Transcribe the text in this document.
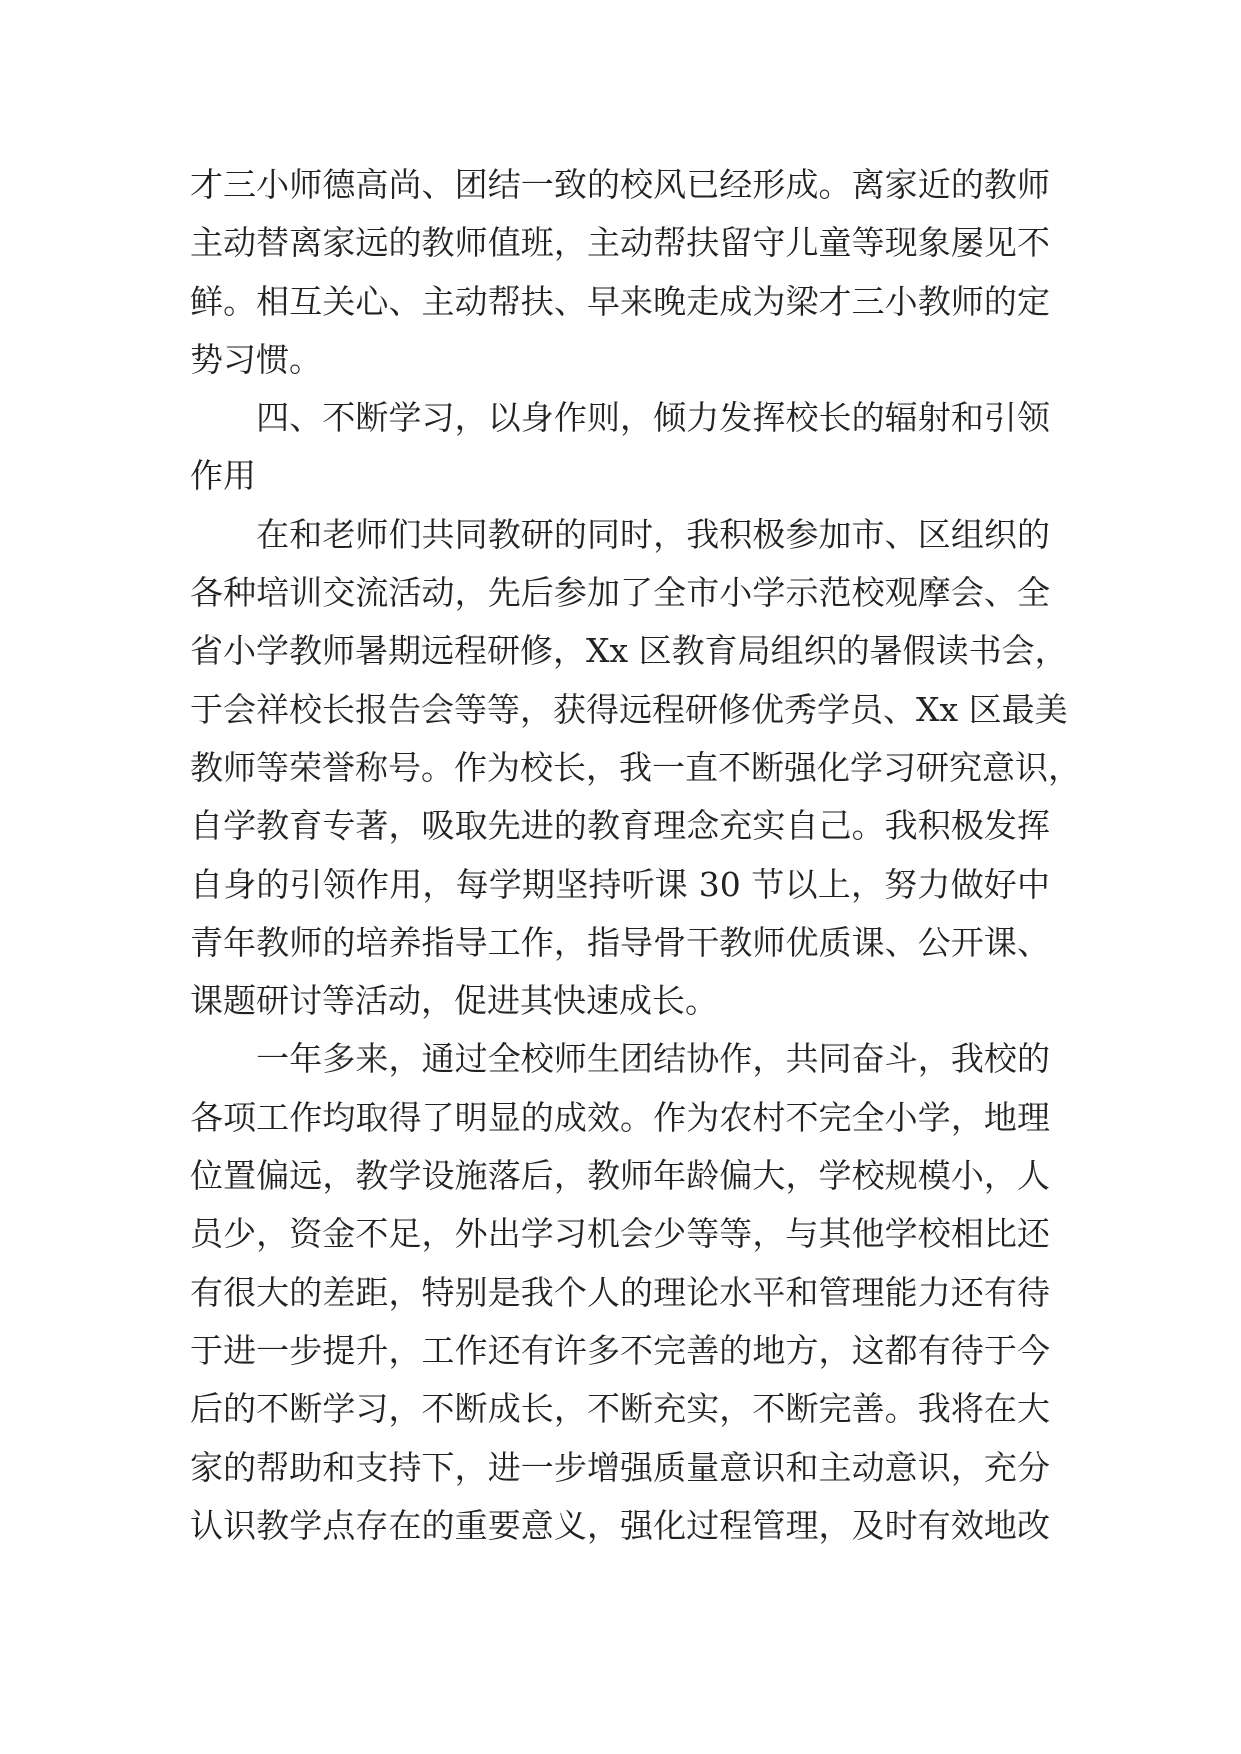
才三小师德高尚、团结一致的校风已经形成。离家近的教师
主动替离家远的教师值班，主动帮扶留守儿童等现象屡见不
鲜。相互关心、主动帮扶、早来晚走成为梁才三小教师的定
势习惯。
　　四、不断学习，以身作则，倾力发挥校长的辐射和引领
作用
　　在和老师们共同教研的同时，我积极参加市、区组织的
各种培训交流活动，先后参加了全市小学示范校观摩会、全
省小学教师暑期远程研修，Xx 区教育局组织的暑假读书会，
于会祥校长报告会等等，获得远程研修优秀学员、Xx 区最美
教师等荣誉称号。作为校长，我一直不断强化学习研究意识，
自学教育专著，吸取先进的教育理念充实自己。我积极发挥
自身的引领作用，每学期坚持听课 30 节以上，努力做好中
青年教师的培养指导工作，指导骨干教师优质课、公开课、
课题研讨等活动，促进其快速成长。
　　一年多来，通过全校师生团结协作，共同奋斗，我校的
各项工作均取得了明显的成效。作为农村不完全小学，地理
位置偏远，教学设施落后，教师年龄偏大，学校规模小，人
员少，资金不足，外出学习机会少等等，与其他学校相比还
有很大的差距，特别是我个人的理论水平和管理能力还有待
于进一步提升，工作还有许多不完善的地方，这都有待于今
后的不断学习，不断成长，不断充实，不断完善。我将在大
家的帮助和支持下，进一步增强质量意识和主动意识，充分
认识教学点存在的重要意义，强化过程管理，及时有效地改
